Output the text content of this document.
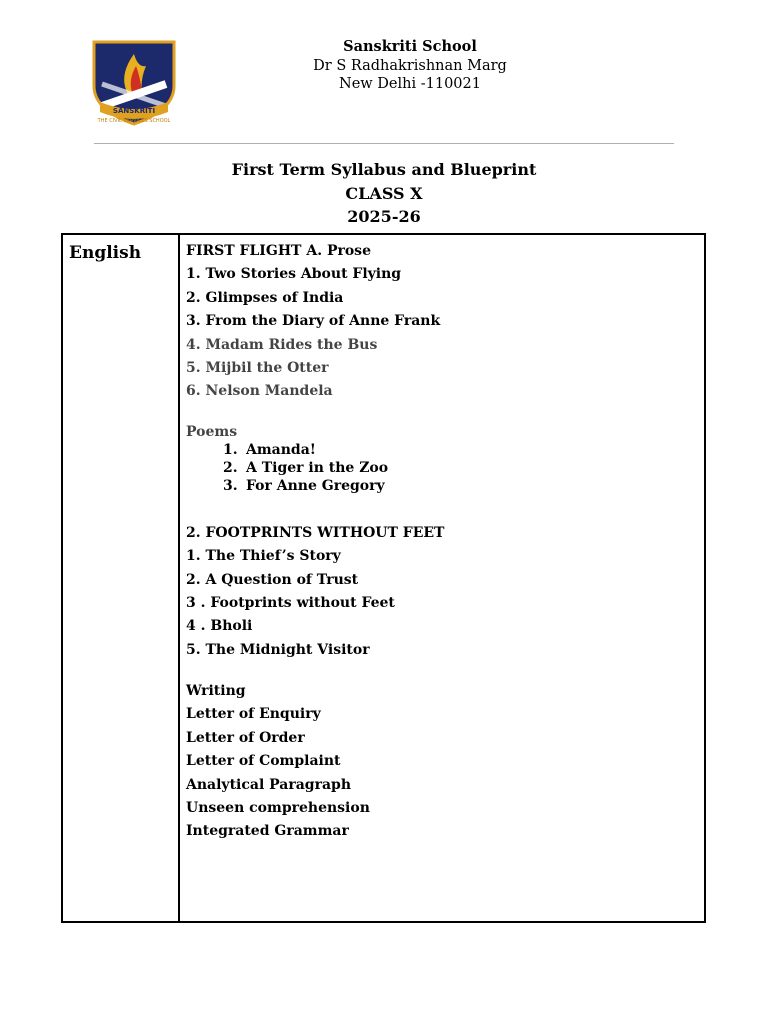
SANSKRITI
THE CIVIL SERVICES SCHOOL
Sanskriti School
Dr S Radhakrishnan Marg
New Delhi -110021
First Term Syllabus and Blueprint
CLASS X
2025-26
English	FIRST FLIGHT A. Prose
1. Two Stories About Flying
2. Glimpses of India
3. From the Diary of Anne Frank
4. Madam Rides the Bus
5. Mijbil the Otter
6. Nelson Mandela
Poems
1. Amanda!
2. A Tiger in the Zoo
3. For Anne Gregory
2. FOOTPRINTS WITHOUT FEET
1. The Thief’s Story
2. A Question of Trust
3 . Footprints without Feet
4 . Bholi
5. The Midnight Visitor
Writing
Letter of Enquiry
Letter of Order
Letter of Complaint
Analytical Paragraph
Unseen comprehension
Integrated Grammar
